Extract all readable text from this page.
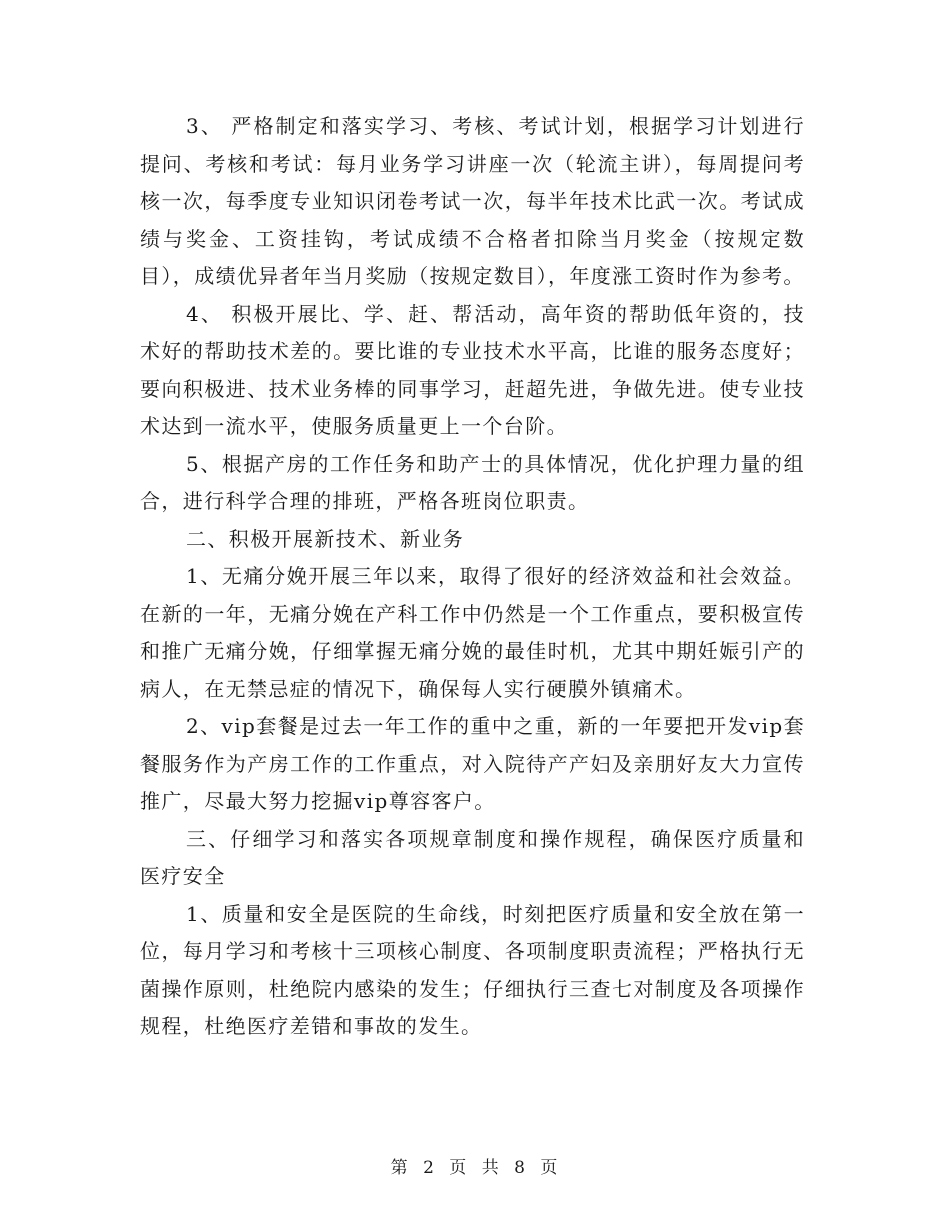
3、 严格制定和落实学习、考核、考试计划，根据学习计划进行提问、考核和考试：每月业务学习讲座一次（轮流主讲），每周提问考核一次，每季度专业知识闭卷考试一次，每半年技术比武一次。考试成绩与奖金、工资挂钩，考试成绩不合格者扣除当月奖金（按规定数目），成绩优异者年当月奖励（按规定数目），年度涨工资时作为参考。

4、 积极开展比、学、赶、帮活动，高年资的帮助低年资的，技术好的帮助技术差的。要比谁的专业技术水平高，比谁的服务态度好；要向积极进、技术业务棒的同事学习，赶超先进，争做先进。使专业技术达到一流水平，使服务质量更上一个台阶。

5、根据产房的工作任务和助产士的具体情况，优化护理力量的组合，进行科学合理的排班，严格各班岗位职责。

二、积极开展新技术、新业务

1、无痛分娩开展三年以来，取得了很好的经济效益和社会效益。在新的一年，无痛分娩在产科工作中仍然是一个工作重点，要积极宣传和推广无痛分娩，仔细掌握无痛分娩的最佳时机，尤其中期妊娠引产的病人，在无禁忌症的情况下，确保每人实行硬膜外镇痛术。

2、vip套餐是过去一年工作的重中之重，新的一年要把开发vip套餐服务作为产房工作的工作重点，对入院待产产妇及亲朋好友大力宣传推广，尽最大努力挖掘vip尊容客户。

三、仔细学习和落实各项规章制度和操作规程，确保医疗质量和医疗安全

1、质量和安全是医院的生命线，时刻把医疗质量和安全放在第一位，每月学习和考核十三项核心制度、各项制度职责流程；严格执行无菌操作原则，杜绝院内感染的发生；仔细执行三查七对制度及各项操作规程，杜绝医疗差错和事故的发生。

第 2 页 共 8 页
